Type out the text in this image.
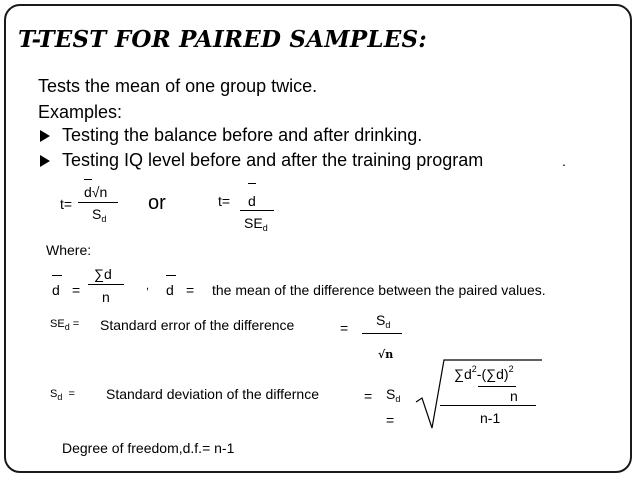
T-TEST FOR PAIRED SAMPLES:
Tests the mean of one group twice.
Examples:
Testing the balance before and after drinking.
Testing IQ level before and after the training program	.
t=
d√n
$S_d$
or	t= d
$SE_d$
Where:
d =
∑d
n
, d = the mean of the difference between the paired values.
$SE_d$ = Standard error of the difference	= $S_d$
√n
$S_d$ = Standard deviation of the differnce	= $S_d$
=
$\sum d^2-(\sum d)^2$
n
n-1
Degree of freedom,d.f.= n-1
